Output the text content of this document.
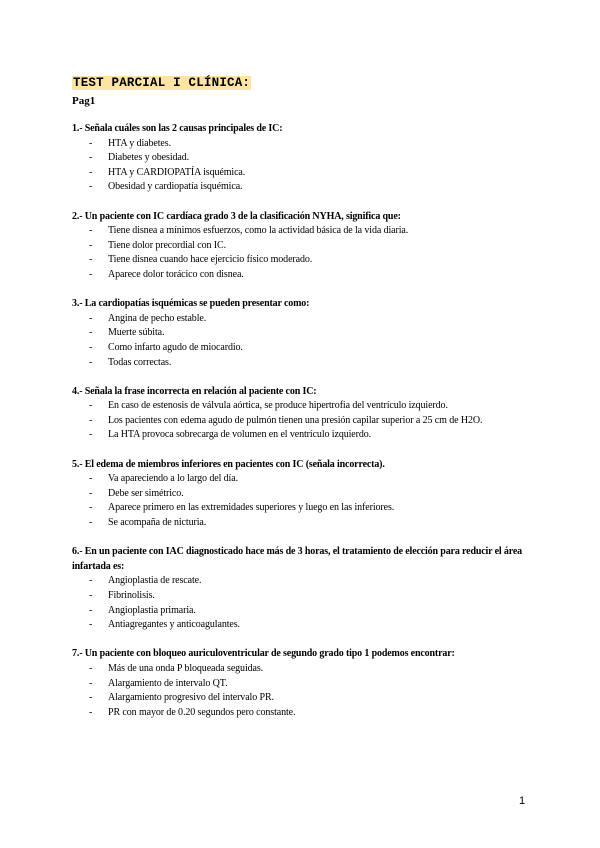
TEST PARCIAL I CLÍNICA:
Pag1
1.- Señala cuáles son las 2 causas principales de IC:
- HTA y diabetes.
- Diabetes y obesidad.
- HTA y CARDIOPATÍA isquémica.
- Obesidad y cardiopatía isquémica.
2.- Un paciente con IC cardíaca grado 3 de la clasificación NYHA, significa que:
- Tiene disnea a mínimos esfuerzos, como la actividad básica de la vida diaria.
- Tiene dolor precordial con IC.
- Tiene disnea cuando hace ejercicio físico moderado.
- Aparece dolor torácico con disnea.
3.- La cardiopatías isquémicas se pueden presentar como:
- Angina de pecho estable.
- Muerte súbita.
- Como infarto agudo de miocardio.
- Todas correctas.
4.- Señala la frase incorrecta en relación al paciente con IC:
- En caso de estenosis de válvula aórtica, se produce hipertrofia del ventrículo izquierdo.
- Los pacientes con edema agudo de pulmón tienen una presión capilar superior a 25 cm de H2O.
- La HTA provoca sobrecarga de volumen en el ventrículo izquierdo.
5.- El edema de miembros inferiores en pacientes con IC (señala incorrecta).
- Va apareciendo a lo largo del día.
- Debe ser simétrico.
- Aparece primero en las extremidades superiores y luego en las inferiores.
- Se acompaña de nicturia.
6.- En un paciente con IAC diagnosticado hace más de 3 horas, el tratamiento de elección para reducir el área infartada es:
- Angioplastia de rescate.
- Fibrinolisis.
- Angioplastia primaria.
- Antiagregantes y anticoagulantes.
7.- Un paciente con bloqueo auriculoventricular de segundo grado tipo 1 podemos encontrar:
- Más de una onda P bloqueada seguidas.
- Alargamiento de intervalo QT.
- Alargamiento progresivo del intervalo PR.
- PR con mayor de 0.20 segundos pero constante.
1
